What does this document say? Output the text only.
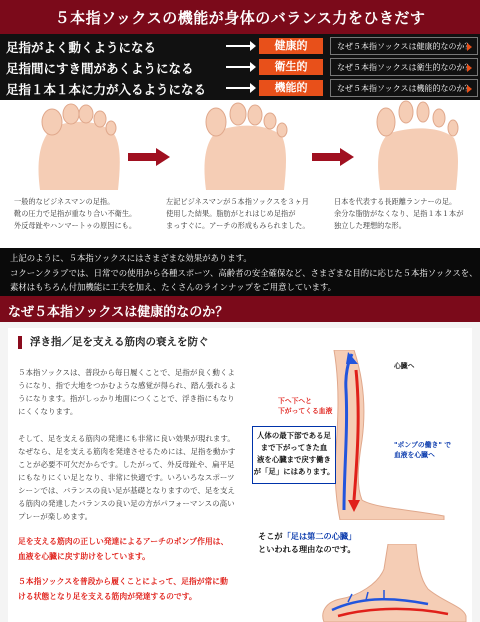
５本指ソックスの機能が身体のバランス力をひきだす
足指がよく動くようになる	健康的	なぜ５本指ソックスは健康的なのか？
足指間にすき間があくようになる	衛生的	なぜ５本指ソックスは衛生的なのか？
足指１本１本に力が入るようになる	機能的	なぜ５本指ソックスは機能的なのか？
一般的なビジネスマンの足指。
靴の圧力で足指が重なり合い不衛生。
外反母趾やハンマートゥの原因にも。
左記ビジネスマンが５本指ソックスを３ヶ月
使用した結果。脂肪がとれはじめ足指が
まっすぐに。アーチの形成もみられました。
日本を代表する長距離ランナーの足。
余分な脂肪がなくなり、足指１本１本が
独立した理想的な形。
上記のように、５本指ソックスにはさまざまな効果があります。
コクーンクラブでは、日常での使用から各種スポーツ、高齢者の安全確保など、さまざまな目的に応じた５本指ソックスを、
素材はもちろん付加機能に工夫を加え、たくさんのラインナップをご用意しています。
なぜ５本指ソックスは健康的なのか？
浮き指／足を支える筋肉の衰えを防ぐ
５本指ソックスは、普段から毎日履くことで、足指が良く動くよ
うになり、指で大地をつかむような感覚が得られ、踏ん張れるよ
うになります。指がしっかり地面につくことで、浮き指にもなり
にくくなります。
そして、足を支える筋肉の発達にも非常に良い効果が現れます。
なぜなら、足を支える筋肉を発達させるためには、足指を動かす
ことが必要不可欠だからです。したがって、外反母趾や、扁平足
にもなりにくい足となり、非常に快適です。いろいろなスポーツ
シーンでは、バランスの良い足が基礎となりますので、足を支え
る筋肉の発達したバランスの良い足の方がパフォーマンスの高い
プレーが楽しめます。
足を支える筋肉の正しい発達によるアーチのポンプ作用は、
血液を心臓に戻す助けをしています。
５本指ソックスを普段から履くことによって、足指が常に動
ける状態となり足を支える筋肉が発達するのです。
心臓へ
下へ下へと
下がってくる血液
"ポンプの働き" で
血液を心臓へ
人体の最下部である足
まで下がってきた血
液を心臓まで戻す働き
が「足」にはあります。
そこが「足は第二の心臓」
といわれる理由なのです。
